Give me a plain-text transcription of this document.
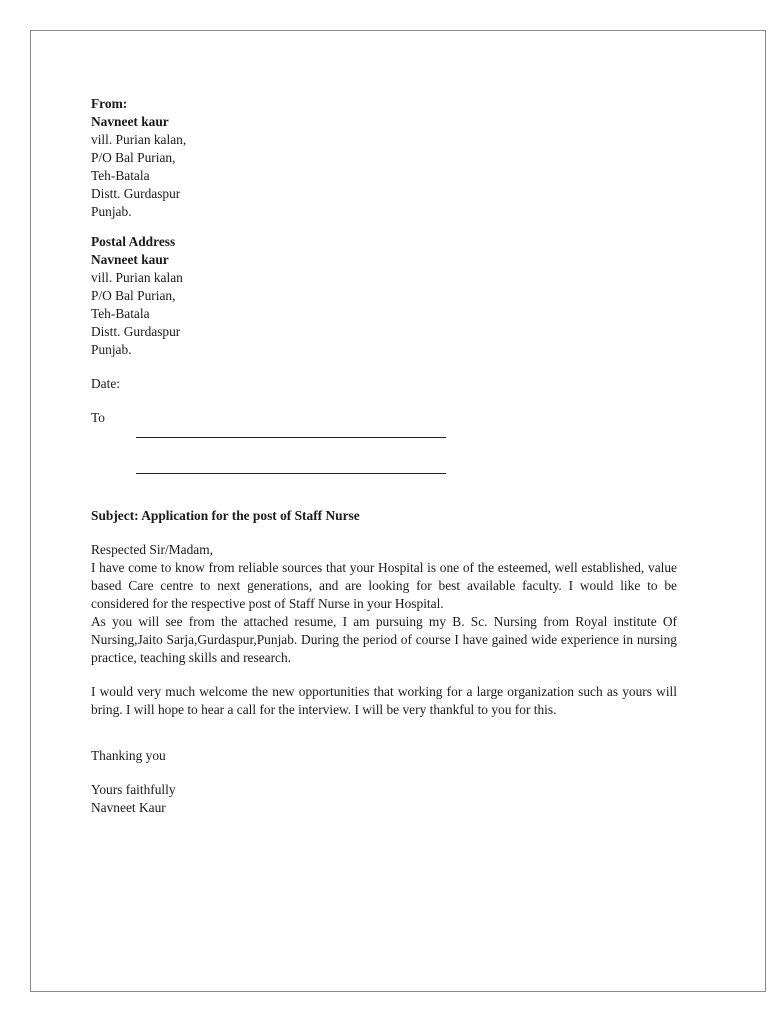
From:
Navneet kaur
vill. Purian kalan,
P/O Bal Purian,
Teh-Batala
Distt. Gurdaspur
Punjab.
Postal Address
Navneet kaur
vill. Purian kalan
P/O Bal Purian,
Teh-Batala
Distt. Gurdaspur
Punjab.
Date:
To
Subject: Application for the post of Staff Nurse
Respected Sir/Madam,

I have come to know from reliable sources that your Hospital is one of the esteemed, well established, value based Care centre to next generations, and are looking for best available faculty. I would like to be considered for the respective post of Staff Nurse in your Hospital.

As you will see from the attached resume, I am pursuing my B. Sc. Nursing from Royal institute Of Nursing,Jaito Sarja,Gurdaspur,Punjab. During the period of course I have gained wide experience in nursing practice, teaching skills and research.

I would very much welcome the new opportunities that working for a large organization such as yours will bring. I will hope to hear a call for the interview. I will be very thankful to you for this.

Thanking you
Yours faithfully
Navneet Kaur
